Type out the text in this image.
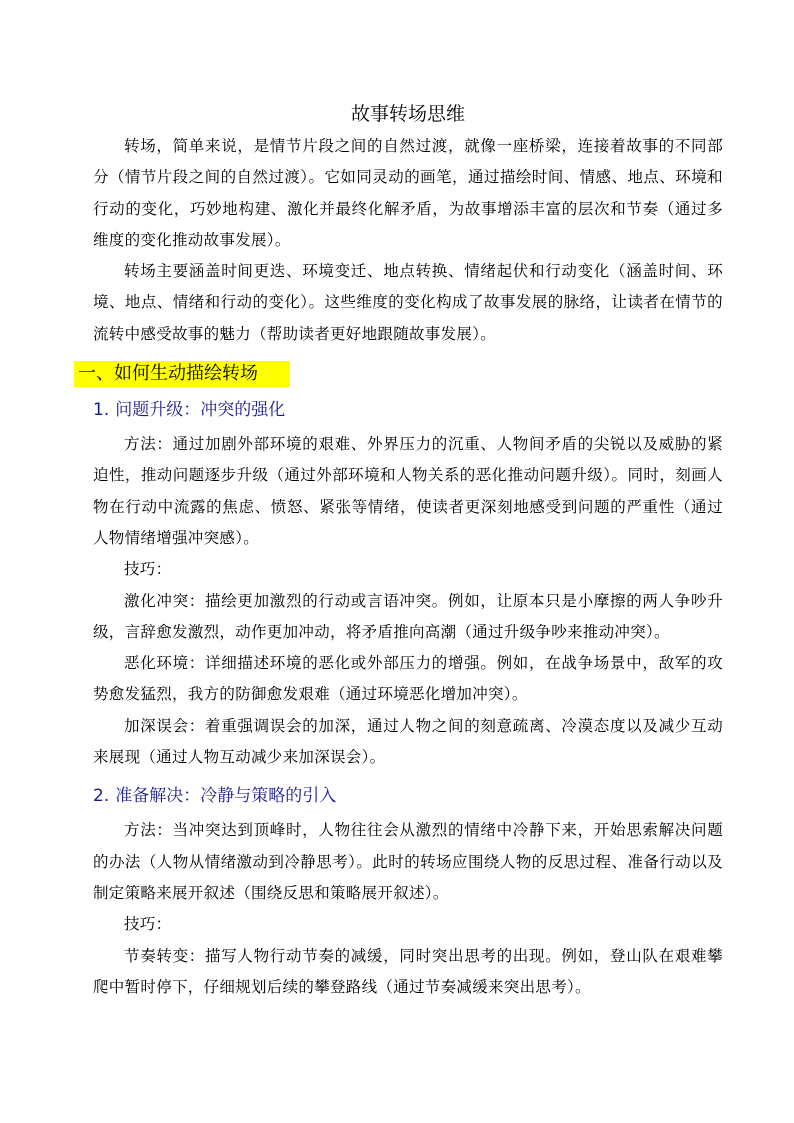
故事转场思维

转场，简单来说，是情节片段之间的自然过渡，就像一座桥梁，连接着故事的不同部分（情节片段之间的自然过渡）。它如同灵动的画笔，通过描绘时间、情感、地点、环境和行动的变化，巧妙地构建、激化并最终化解矛盾，为故事增添丰富的层次和节奏（通过多维度的变化推动故事发展）。

转场主要涵盖时间更迭、环境变迁、地点转换、情绪起伏和行动变化（涵盖时间、环境、地点、情绪和行动的变化）。这些维度的变化构成了故事发展的脉络，让读者在情节的流转中感受故事的魅力（帮助读者更好地跟随故事发展）。

一、如何生动描绘转场
1. 问题升级：冲突的强化

方法：通过加剧外部环境的艰难、外界压力的沉重、人物间矛盾的尖锐以及威胁的紧迫性，推动问题逐步升级（通过外部环境和人物关系的恶化推动问题升级）。同时，刻画人物在行动中流露的焦虑、愤怒、紧张等情绪，使读者更深刻地感受到问题的严重性（通过人物情绪增强冲突感）。

技巧：

激化冲突：描绘更加激烈的行动或言语冲突。例如，让原本只是小摩擦的两人争吵升级，言辞愈发激烈，动作更加冲动，将矛盾推向高潮（通过升级争吵来推动冲突）。

恶化环境：详细描述环境的恶化或外部压力的增强。例如，在战争场景中，敌军的攻势愈发猛烈，我方的防御愈发艰难（通过环境恶化增加冲突）。

加深误会：着重强调误会的加深，通过人物之间的刻意疏离、冷漠态度以及减少互动来展现（通过人物互动减少来加深误会）。

2. 准备解决：冷静与策略的引入

方法：当冲突达到顶峰时，人物往往会从激烈的情绪中冷静下来，开始思索解决问题的办法（人物从情绪激动到冷静思考）。此时的转场应围绕人物的反思过程、准备行动以及制定策略来展开叙述（围绕反思和策略展开叙述）。

技巧：

节奏转变：描写人物行动节奏的减缓，同时突出思考的出现。例如，登山队在艰难攀爬中暂时停下，仔细规划后续的攀登路线（通过节奏减缓来突出思考）。
